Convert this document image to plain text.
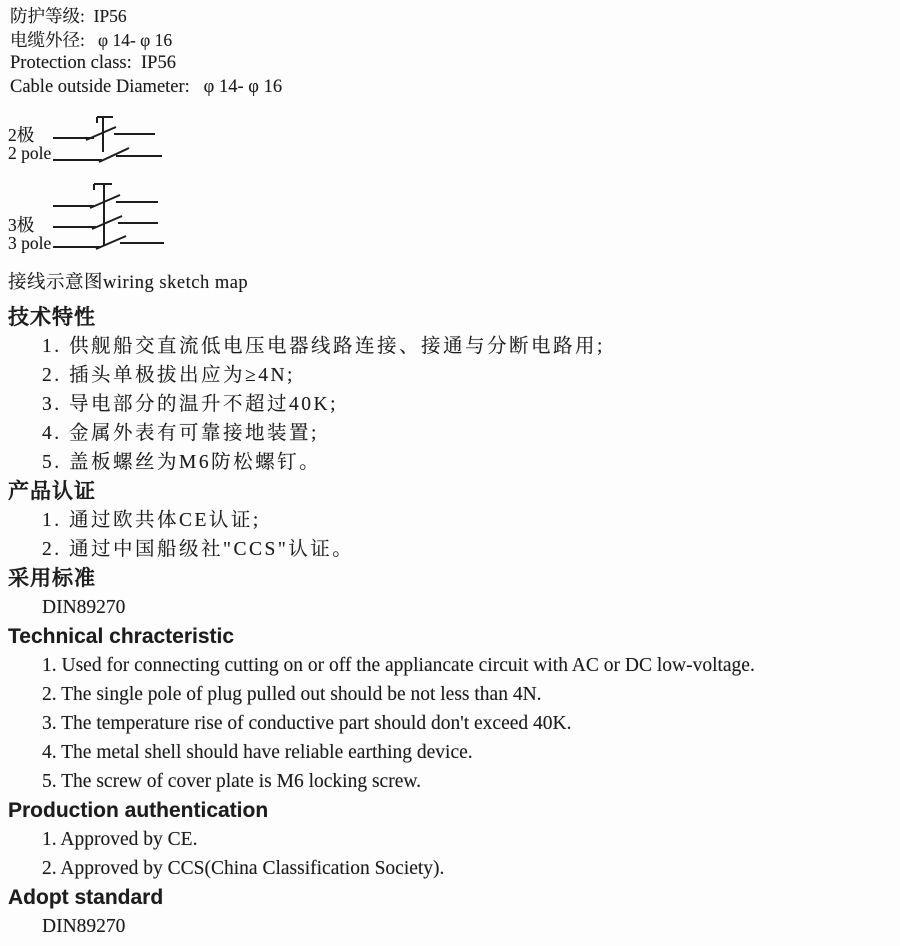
防护等级:  IP56
电缆外径:   φ 14- φ 16
Protection class:  IP56
Cable outside Diameter:   φ 14- φ 16
2极
2 pole
3极
3 pole
接线示意图wiring sketch map
技术特性
1. 供舰船交直流低电压电器线路连接、接通与分断电路用;
2. 插头单极拔出应为≥4N;
3. 导电部分的温升不超过40K;
4. 金属外表有可靠接地装置;
5. 盖板螺丝为M6防松螺钉。
产品认证
1. 通过欧共体CE认证;
2. 通过中国船级社"CCS"认证。
采用标准
DIN89270
Technical chracteristic
1. Used for connecting cutting on or off the appliancate circuit with AC or DC low-voltage.
2. The single pole of plug pulled out should be not less than 4N.
3. The temperature rise of conductive part should don't exceed 40K.
4. The metal shell should have reliable earthing device.
5. The screw of cover plate is M6 locking screw.
Production authentication
1. Approved by CE.
2. Approved by CCS(China Classification Society).
Adopt standard
DIN89270
